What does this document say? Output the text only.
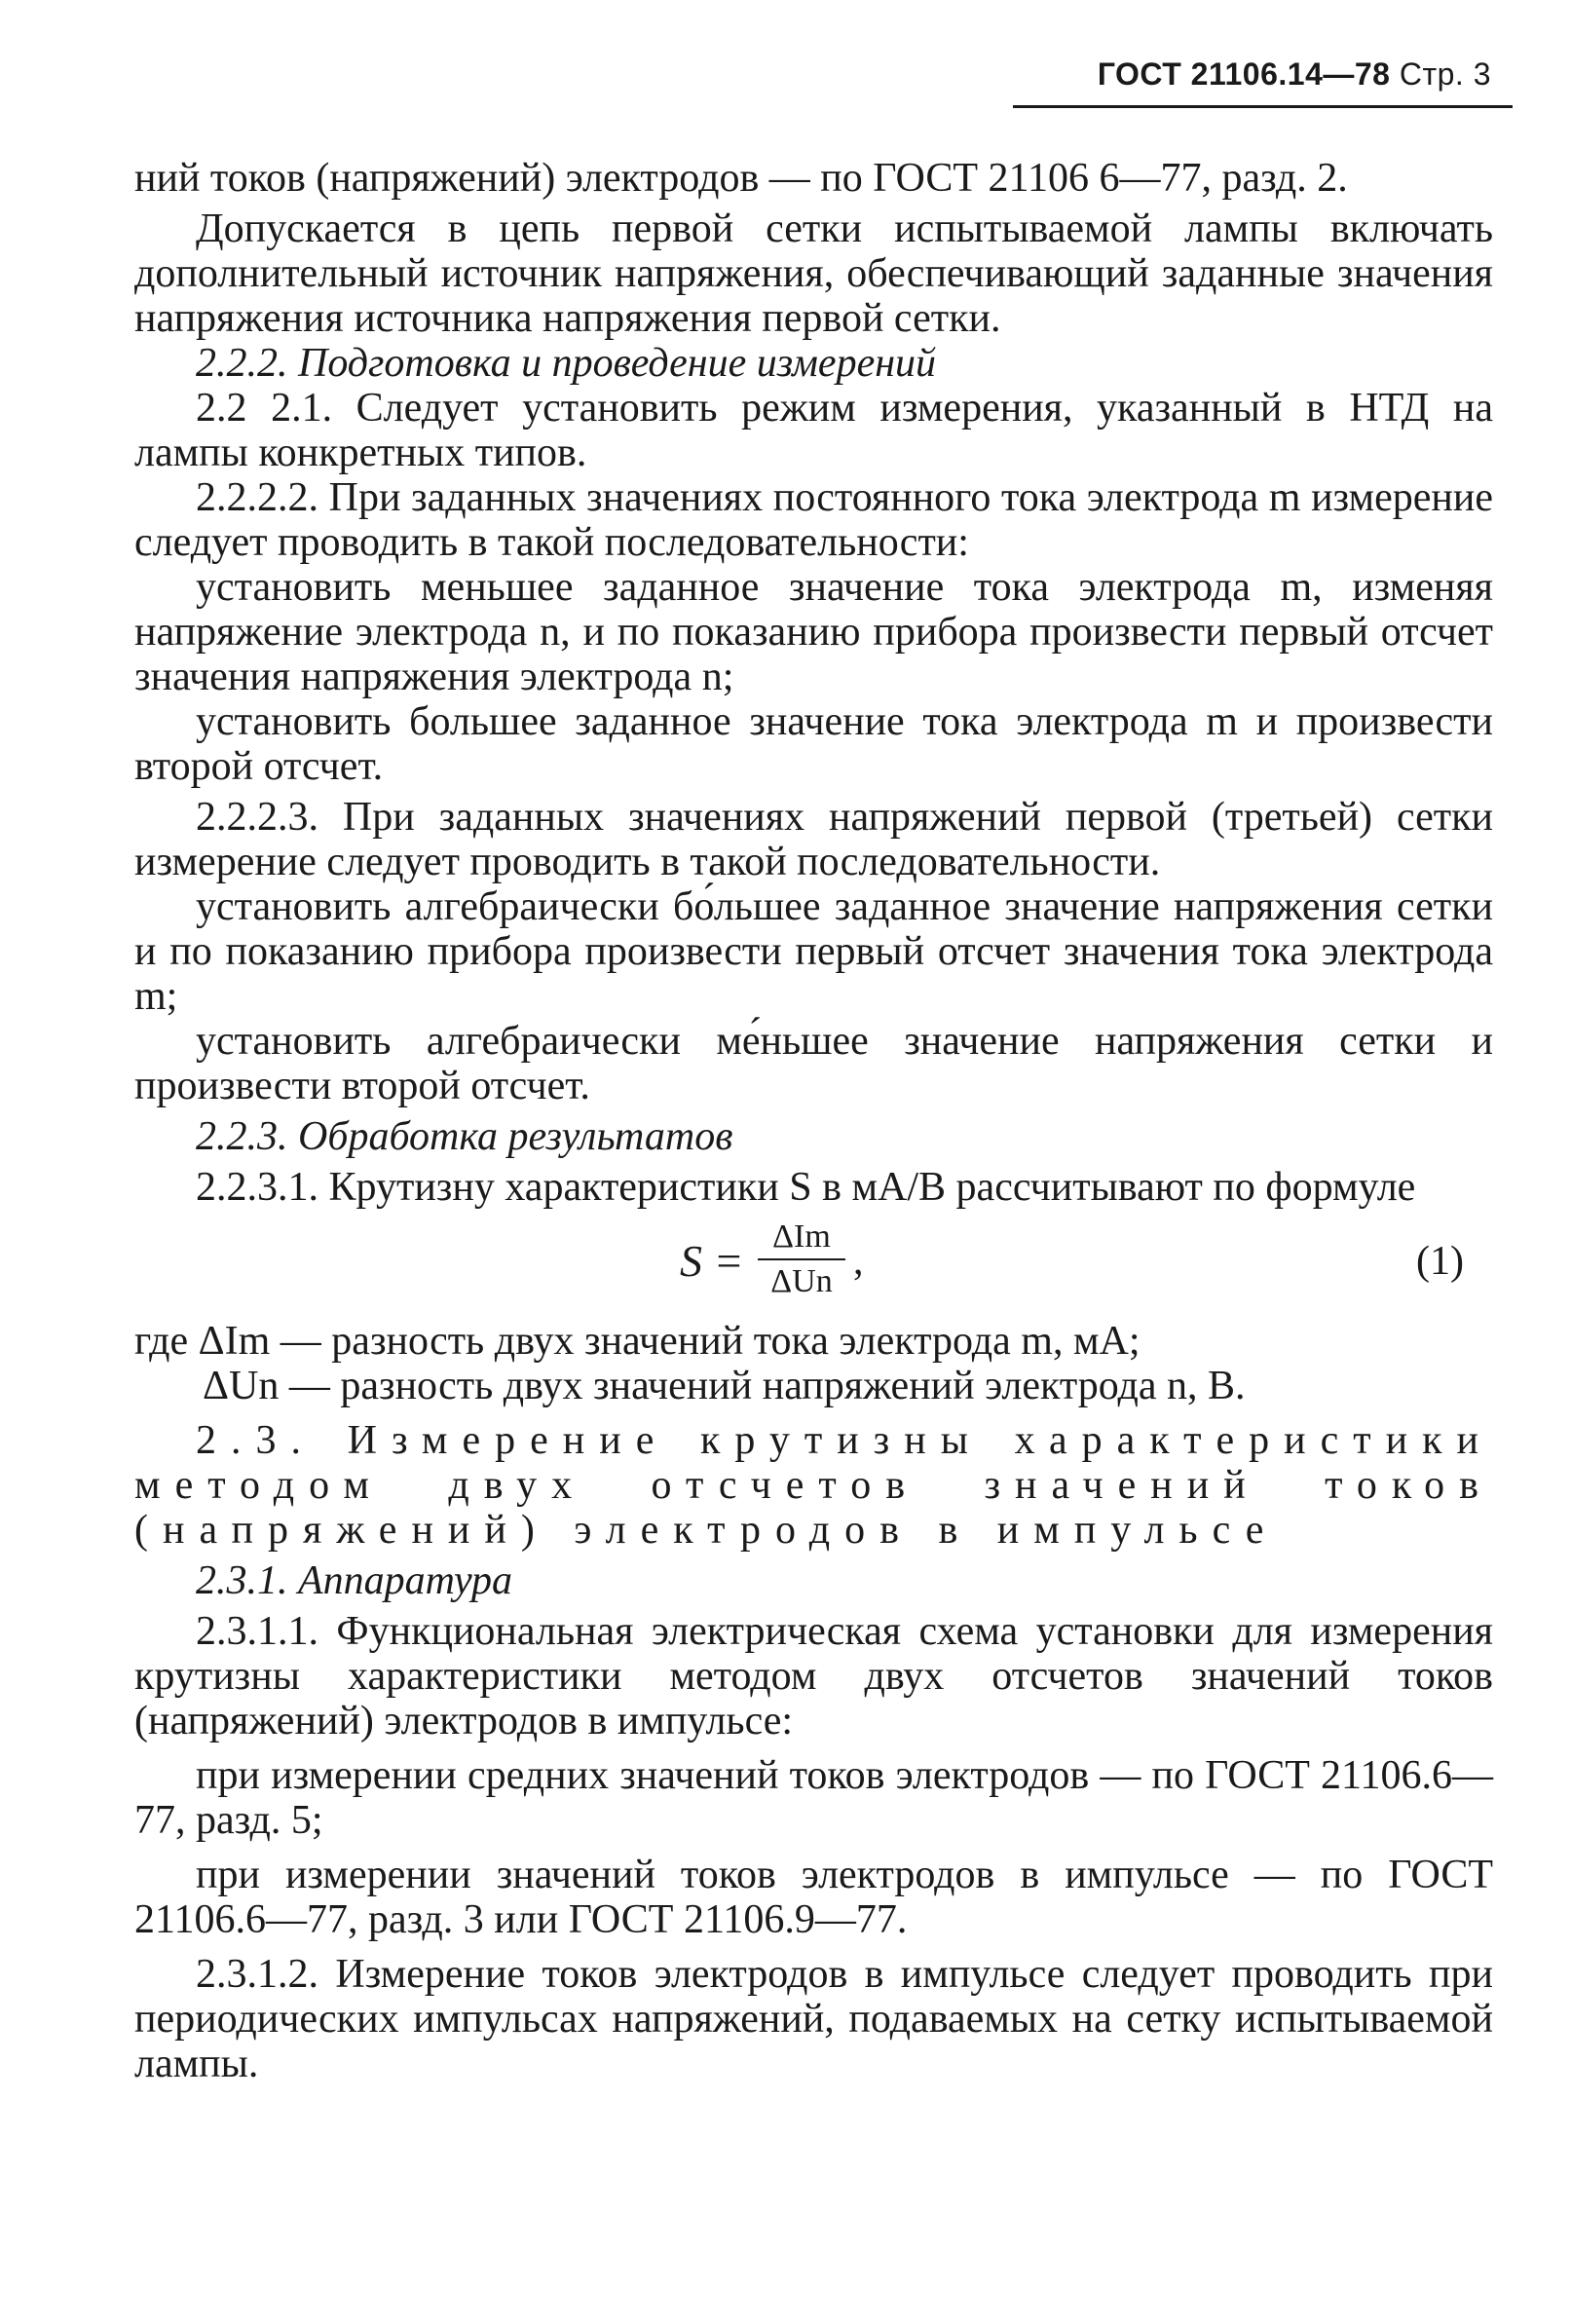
ГОСТ 21106.14—78 Стр. 3

ний токов (напряжений) электродов — по ГОСТ 21106 6—77, разд. 2.

Допускается в цепь первой сетки испытываемой лампы включать дополнительный источник напряжения, обеспечивающий заданные значения напряжения источника напряжения первой сетки.

2.2.2. Подготовка и проведение измерений

2.2 2.1. Следует установить режим измерения, указанный в НТД на лампы конкретных типов.

2.2.2.2. При заданных значениях постоянного тока электрода m измерение следует проводить в такой последовательности:

установить меньшее заданное значение тока электрода m, изменяя напряжение электрода n, и по показанию прибора произвести первый отсчет значения напряжения электрода n;

установить большее заданное значение тока электрода m и произвести второй отсчет.

2.2.2.3. При заданных значениях напряжений первой (третьей) сетки измерение следует проводить в такой последовательности.

установить алгебраически бо́льшее заданное значение напряжения сетки и по показанию прибора произвести первый отсчет значения тока электрода m;

установить алгебраически ме́ньшее значение напряжения сетки и произвести второй отсчет.

2.2.3. Обработка результатов

2.2.3.1. Крутизну характеристики S в мА/В рассчитывают по формуле

S = ΔIm
ΔUn ,	(1)

где ΔIm — разность двух значений тока электрода m, мА;

ΔUn — разность двух значений напряжений электрода n, В.

2.3. Измерение крутизны характеристики методом двух отсчетов значений токов (напряжений) электродов в импульсе

2.3.1. Аппаратура

2.3.1.1. Функциональная электрическая схема установки для измерения крутизны характеристики методом двух отсчетов значений токов (напряжений) электродов в импульсе:

при измерении средних значений токов электродов — по ГОСТ 21106.6—77, разд. 5;

при измерении значений токов электродов в импульсе — по ГОСТ 21106.6—77, разд. 3 или ГОСТ 21106.9—77.

2.3.1.2. Измерение токов электродов в импульсе следует проводить при периодических импульсах напряжений, подаваемых на сетку испытываемой лампы.
